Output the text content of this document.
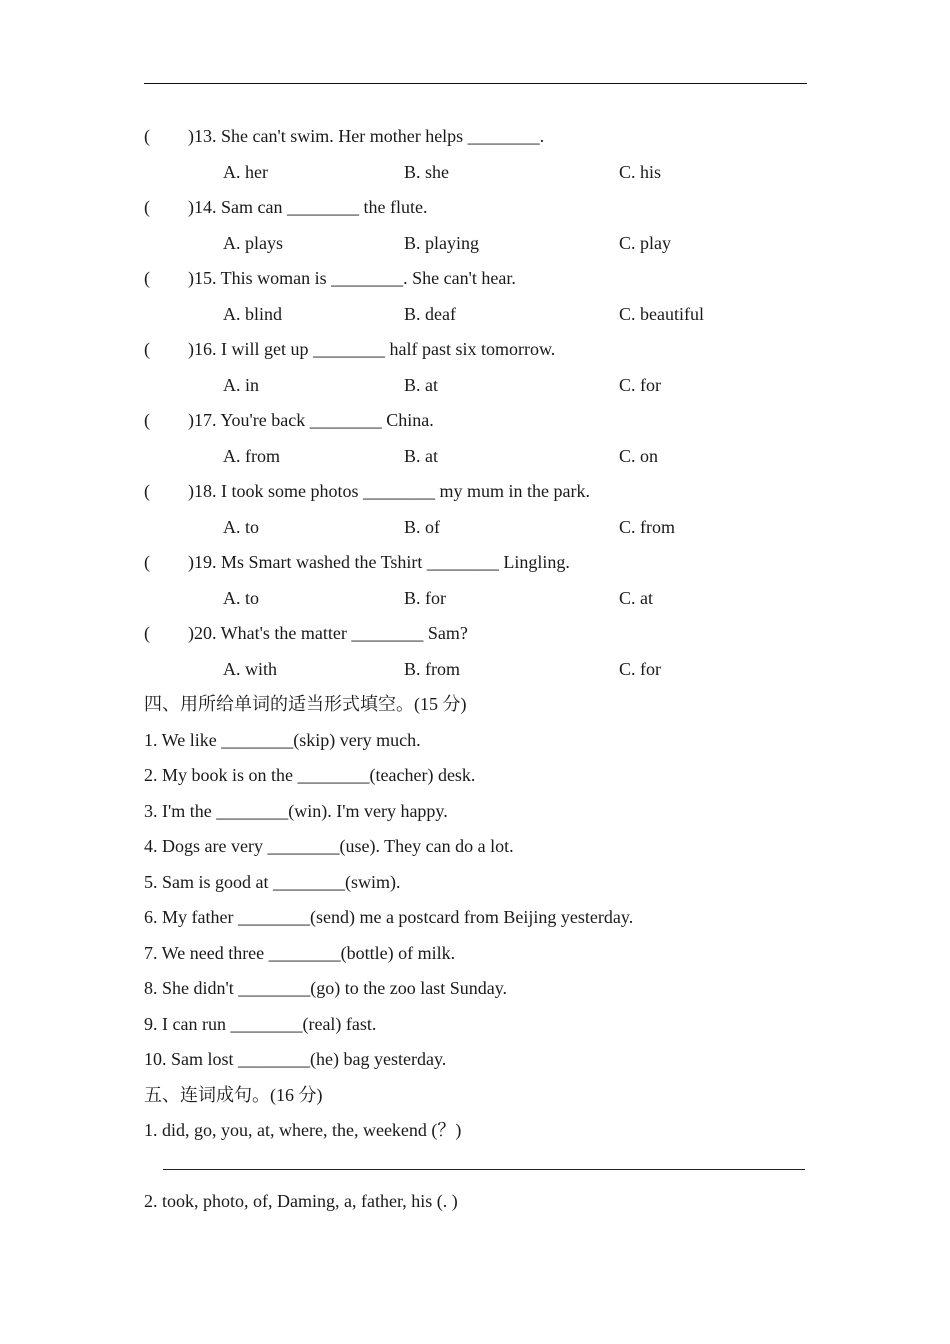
( )13. She can't swim. Her mother helps ________.
A. her	B. she	C. his
( )14. Sam can ________ the flute.
A. plays	B. playing	C. play
( )15. This woman is ________. She can't hear.
A. blind	B. deaf	C. beautiful
( )16. I will get up ________ half past six tomorrow.
A. in	B. at	C. for
( )17. You're back ________ China.
A. from	B. at	C. on
( )18. I took some photos ________ my mum in the park.
A. to	B. of	C. from
( )19. Ms Smart washed the Tshirt ________ Lingling.
A. to	B. for	C. at
( )20. What's the matter ________ Sam?
A. with	B. from	C. for
四、用所给单词的适当形式填空。(15 分)
1. We like ________(skip) very much.
2. My book is on the ________(teacher) desk.
3. I'm the ________(win). I'm very happy.
4. Dogs are very ________(use). They can do a lot.
5. Sam is good at ________(swim).
6. My father ________(send) me a postcard from Beijing yesterday.
7. We need three ________(bottle) of milk.
8. She didn't ________(go) to the zoo last Sunday.
9. I can run ________(real) fast.
10. Sam lost ________(he) bag yesterday.
五、连词成句。(16 分)
1. did, go, you, at, where, the, weekend (？)
2. took, photo, of, Daming, a, father, his (. )
